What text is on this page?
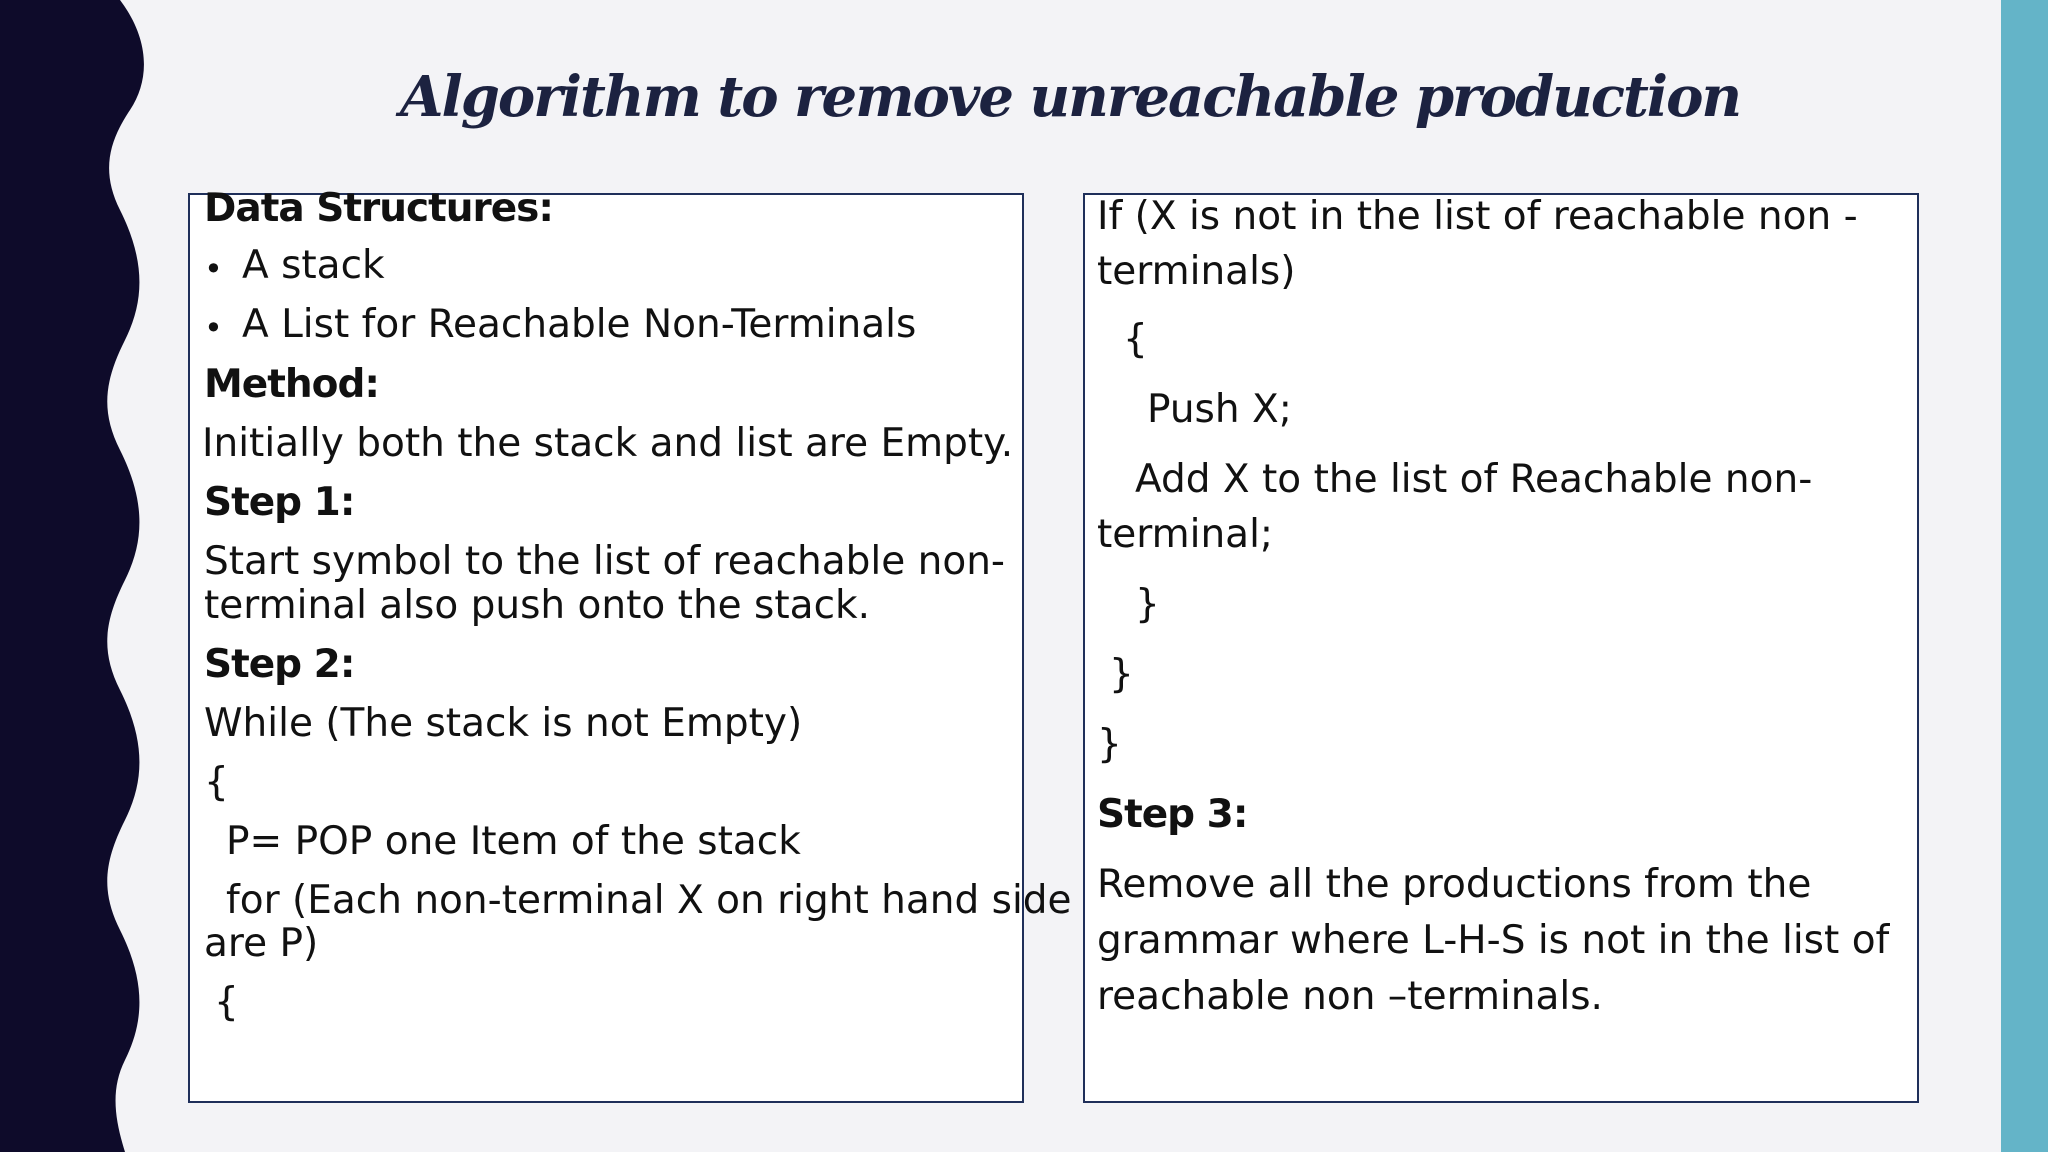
Algorithm to remove unreachable production
Data Structures:
• A stack
• A List for Reachable Non-Terminals
Method:
Initially both the stack and list are Empty.
Step 1:
Start symbol to the list of reachable non-
terminal also push onto the stack.
Step 2:
While (The stack is not Empty)
{
P= POP one Item of the stack
for (Each non-terminal X on right hand side
are P)
{
If (X is not in the list of reachable non -
terminals)
{
Push X;
Add X to the list of Reachable non-
terminal;
}
}
}
Step 3:
Remove all the productions from the
grammar where L-H-S is not in the list of
reachable non –terminals.
